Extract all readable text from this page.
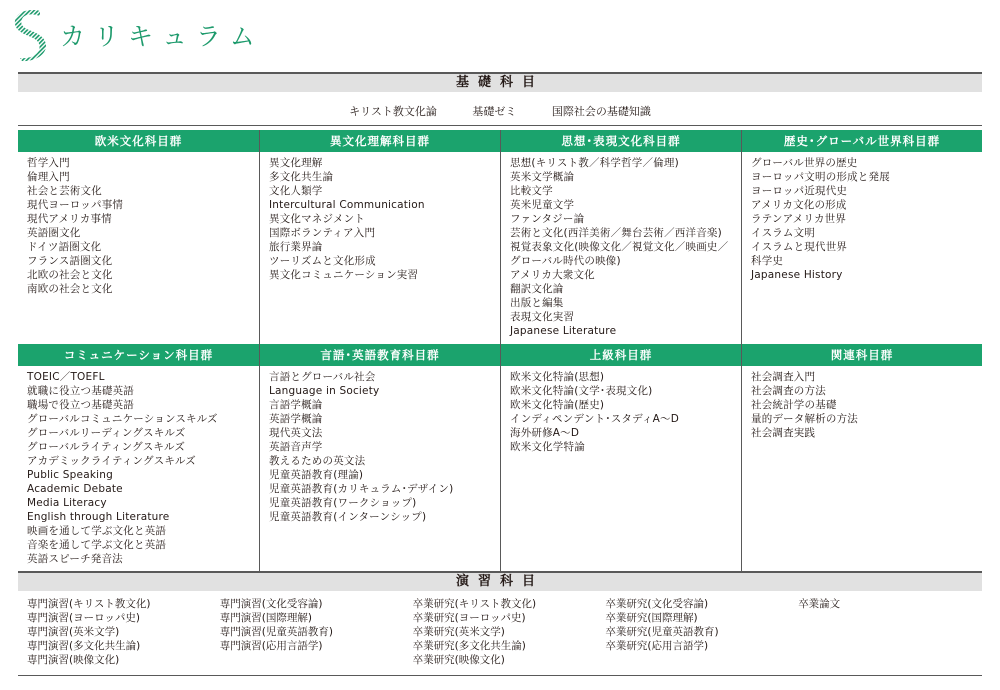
カリキュラム
基礎科目
キリスト教文化論	基礎ゼミ	国際社会の基礎知識
欧米文化科目群
哲学入門
倫理入門
社会と芸術文化
現代ヨーロッパ事情
現代アメリカ事情
英語圏文化
ドイツ語圏文化
フランス語圏文化
北欧の社会と文化
南欧の社会と文化
異文化理解科目群
異文化理解
多文化共生論
文化人類学
Intercultural Communication
異文化マネジメント
国際ボランティア入門
旅行業界論
ツーリズムと文化形成
異文化コミュニケーション実習
思想･表現文化科目群
思想(キリスト教／科学哲学／倫理)
英米文学概論
比較文学
英米児童文学
ファンタジー論
芸術と文化(西洋美術／舞台芸術／西洋音楽)
視覚表象文化(映像文化／視覚文化／映画史／
グローバル時代の映像)
アメリカ大衆文化
翻訳文化論
出版と編集
表現文化実習
Japanese Literature
歴史･グローバル世界科目群
グローバル世界の歴史
ヨーロッパ文明の形成と発展
ヨーロッパ近現代史
アメリカ文化の形成
ラテンアメリカ世界
イスラム文明
イスラムと現代世界
科学史
Japanese History
コミュニケーション科目群
TOEIC／TOEFL
就職に役立つ基礎英語
職場で役立つ基礎英語
グローバルコミュニケーションスキルズ
グローバルリーディングスキルズ
グローバルライティングスキルズ
アカデミックライティングスキルズ
Public Speaking
Academic Debate
Media Literacy
English through Literature
映画を通して学ぶ文化と英語
音楽を通して学ぶ文化と英語
英語スピーチ発音法
言語･英語教育科目群
言語とグローバル社会
Language in Society
言語学概論
英語学概論
現代英文法
英語音声学
教えるための英文法
児童英語教育(理論)
児童英語教育(カリキュラム･デザイン)
児童英語教育(ワークショップ)
児童英語教育(インターンシップ)
上級科目群
欧米文化特論(思想)
欧米文化特論(文学･表現文化)
欧米文化特論(歴史)
インディペンデント･スタディA～D
海外研修A～D
欧米文化学特論
関連科目群
社会調査入門
社会調査の方法
社会統計学の基礎
量的データ解析の方法
社会調査実践
演習科目
専門演習(キリスト教文化)
専門演習(ヨーロッパ史)
専門演習(英米文学)
専門演習(多文化共生論)
専門演習(映像文化)
専門演習(文化受容論)
専門演習(国際理解)
専門演習(児童英語教育)
専門演習(応用言語学)
卒業研究(キリスト教文化)
卒業研究(ヨーロッパ史)
卒業研究(英米文学)
卒業研究(多文化共生論)
卒業研究(映像文化)
卒業研究(文化受容論)
卒業研究(国際理解)
卒業研究(児童英語教育)
卒業研究(応用言語学)
卒業論文
